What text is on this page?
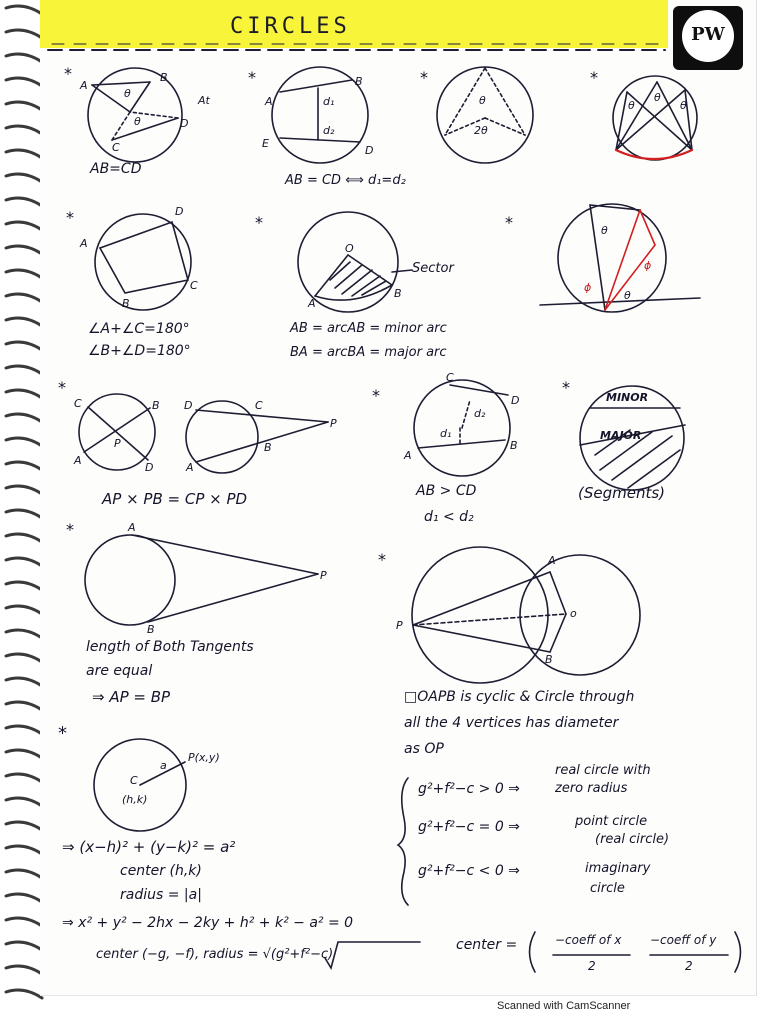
CIRCLES	PW
*	*	*	*
*	*	*
*	*	*
*
*
*
A
B
C
D
θ
θ
At
AB=CD
A
B
E
D
d₁
d₂
AB = CD ⟺ d₁=d₂
θ
2θ
θ
θ
θ
A
B
C
D
∠A+∠C=180°
∠B+∠D=180°
O
A
B
Sector
AB = arcAB = minor arc
BA = arcBA = major arc
θ
ϕ
ϕ
θ
C	B
A
D
P
D	C
A
B
P
AP × PB = CP × PD
C
D
A
B
d₁
d₂
AB > CD
d₁ < d₂
MINOR
MAJOR
(Segments)
A
B
P
length of Both Tangents
are equal
⇒ AP = BP
A
B
P
o
□OAPB is cyclic & Circle through
all the 4 vertices has diameter
as OP
C
(h,k)
a
P(x,y)
⇒ (x−h)² + (y−k)² = a²
center (h,k)
radius = |a|
⇒ x² + y² − 2hx − 2ky + h² + k² − a² = 0
center (−g, −f), radius = √(g²+f²−c)
g²+f²−c > 0 ⇒
real circle with
zero radius
g²+f²−c = 0 ⇒	point circle
(real circle)
g²+f²−c < 0 ⇒	imaginary
circle
center =	−coeff of x
2
−coeff of y
2
Scanned with CamScanner
